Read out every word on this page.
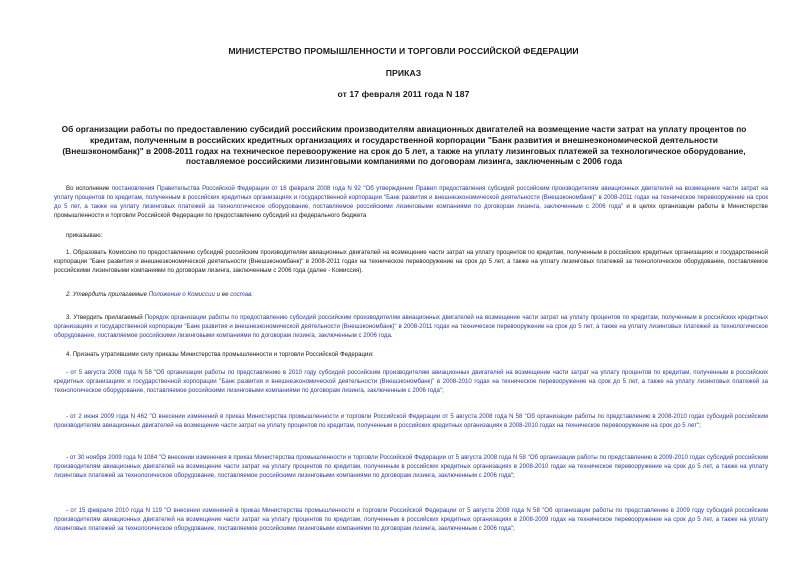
МИНИСТЕРСТВО ПРОМЫШЛЕННОСТИ И ТОРГОВЛИ РОССИЙСКОЙ ФЕДЕРАЦИИ
ПРИКАЗ
от 17 февраля 2011 года N 187
Об организации работы по предоставлению субсидий российским производителям авиационных двигателей на возмещение части затрат на уплату процентов по кредитам, полученным в российских кредитных организациях и государственной корпорации "Банк развития и внешнеэкономической деятельности (Внешэкономбанк)" в 2008-2011 годах на техническое перевооружение на срок до 5 лет, а также на уплату лизинговых платежей за технологическое оборудование, поставляемое российскими лизинговыми компаниями по договорам лизинга, заключенным с 2006 года
Во исполнение постановления Правительства Российской Федерации от 16 февраля 2008 года N 92 "Об утверждении Правил предоставления субсидий российским производителям авиационных двигателей на возмещение части затрат на уплату процентов по кредитам, полученным в российских кредитных организациях и государственной корпорации "Банк развития и внешнеэкономической деятельности (Внешэкономбанк)" в 2008-2011 годах на техническое перевооружение на срок до 5 лет, а также на уплату лизинговых платежей за технологическое оборудование, поставляемое российскими лизинговыми компаниями по договорам лизинга, заключенным с 2006 года" и в целях организации работы в Министерстве промышленности и торговли Российской Федерации по предоставлению субсидий из федерального бюджета
приказываю:
1. Образовать Комиссию по предоставлению субсидий российским производителям авиационных двигателей на возмещение части затрат на уплату процентов по кредитам, полученным в российских кредитных организациях и государственной корпорации "Банк развития и внешнеэкономической деятельности (Внешэкономбанк)" в 2008-2011 годах на техническое перевооружение на срок до 5 лет, а также на уплату лизинговых платежей за технологическое оборудование, поставляемое российскими лизинговыми компаниями по договорам лизинга, заключенным с 2006 года (далее - Комиссия).
2. Утвердить прилагаемые Положение о Комиссии и ее состав.
3. Утвердить прилагаемый Порядок организации работы по предоставлению субсидий российским производителям авиационных двигателей на возмещение части затрат на уплату процентов по кредитам, полученным в российских кредитных организациях и государственной корпорации "Банк развития и внешнеэкономической деятельности (Внешэкономбанк)" в 2008-2011 годах на техническое перевооружение на срок до 5 лет, а также на уплату лизинговых платежей за технологическое оборудование, поставляемое российскими лизинговыми компаниями по договорам лизинга, заключенным с 2006 года.
4. Признать утратившими силу приказы Министерства промышленности и торговли Российской Федерации:
- от 5 августа 2008 года N 58 "Об организации работы по представлению в 2010 году субсидий российским производителям авиационных двигателей на возмещение части затрат на уплату процентов по кредитам, полученным в российских кредитных организациях и государственной корпорации "Банк развития и внешнеэкономической деятельности (Внешэкономбанк)" в 2008-2010 годах на техническое перевооружение на срок до 5 лет, а также на уплату лизинговых платежей за технологическое оборудование, поставляемое российскими лизинговыми компаниями по договорам лизинга, заключенным с 2006 года";
- от 2 июня 2009 года N 462 "О внесении изменений в приказ Министерства промышленности и торговли Российской Федерации от 5 августа 2008 года N 58 "Об организации работы по представлению в 2008-2010 годах субсидий российским производителям авиационных двигателей на возмещение части затрат на уплату процентов по кредитам, полученным в российских кредитных организациях в 2008-2010 годах на техническое перевооружение на срок до 5 лет";
- от 30 ноября 2009 года N 1084 "О внесении изменения в приказ Министерства промышленности и торговли Российской Федерации от 5 августа 2008 года N 58 "Об организации работы по представлению в 2009-2010 годах субсидий российским производителям авиационных двигателей на возмещение части затрат на уплату процентов по кредитам, полученным в российских кредитных организациях в 2008-2010 годах на техническое перевооружение на срок до 5 лет, а также на уплату лизинговых платежей за технологическое оборудование, поставляемое российскими лизинговыми компаниями по договорам лизинга, заключенным с 2006 года";
- от 15 февраля 2010 года N 119 "О внесении изменений в приказ Министерства промышленности и торговли Российской Федерации от 5 августа 2008 года N 58 "Об организации работы по представлению в 2009 году субсидий российским производителям авиационных двигателей на возмещение части затрат на уплату процентов по кредитам, полученным в российских кредитных организациях в 2008-2009 годах на техническое перевооружение на срок до 5 лет, а также на уплату лизинговых платежей за технологическое оборудование, поставляемое российскими лизинговыми компаниями по договорам лизинга, заключенным с 2006 года";
